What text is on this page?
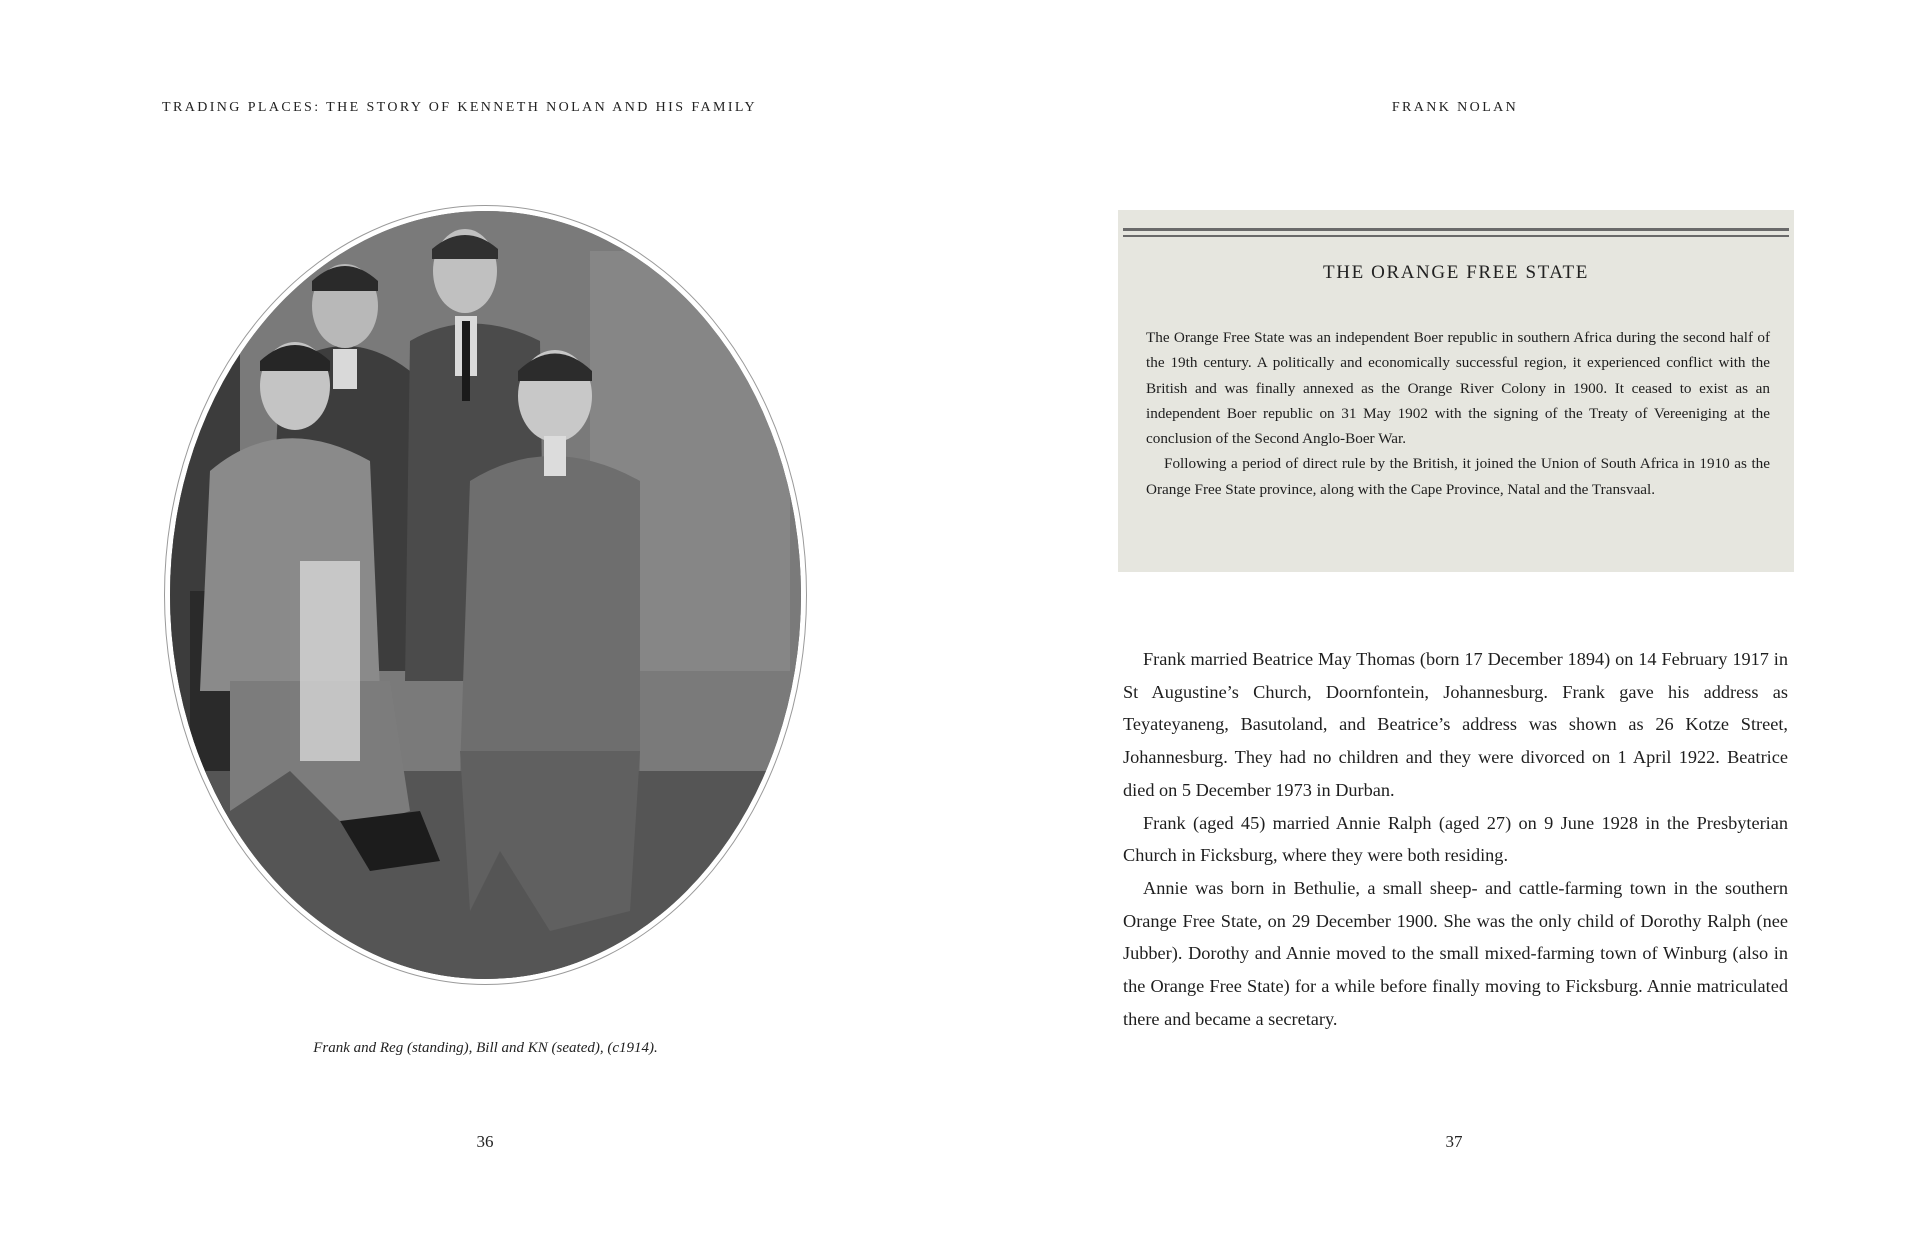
TRADING PLACES: THE STORY OF KENNETH NOLAN AND HIS FAMILY
Frank and Reg (standing), Bill and KN (seated), (c1914).
36
FRANK NOLAN
THE ORANGE FREE STATE

The Orange Free State was an independent Boer republic in southern Africa during the second half of the 19th century. A politically and economically successful region, it experienced conflict with the British and was finally annexed as the Orange River Colony in 1900. It ceased to exist as an independent Boer republic on 31 May 1902 with the signing of the Treaty of Vereeniging at the conclusion of the Second Anglo-Boer War.

Following a period of direct rule by the British, it joined the Union of South Africa in 1910 as the Orange Free State province, along with the Cape Province, Natal and the Transvaal.

Frank married Beatrice May Thomas (born 17 December 1894) on 14 February 1917 in St Augustine’s Church, Doornfontein, Johannesburg. Frank gave his address as Teyateyaneng, Basutoland, and Beatrice’s address was shown as 26 Kotze Street, Johannesburg. They had no children and they were divorced on 1 April 1922. Beatrice died on 5 December 1973 in Durban.

Frank (aged 45) married Annie Ralph (aged 27) on 9 June 1928 in the Presbyterian Church in Ficksburg, where they were both residing.

Annie was born in Bethulie, a small sheep- and cattle-farming town in the southern Orange Free State, on 29 December 1900. She was the only child of Dorothy Ralph (nee Jubber). Dorothy and Annie moved to the small mixed-farming town of Winburg (also in the Orange Free State) for a while before finally moving to Ficksburg. Annie matriculated there and became a secretary.

37
